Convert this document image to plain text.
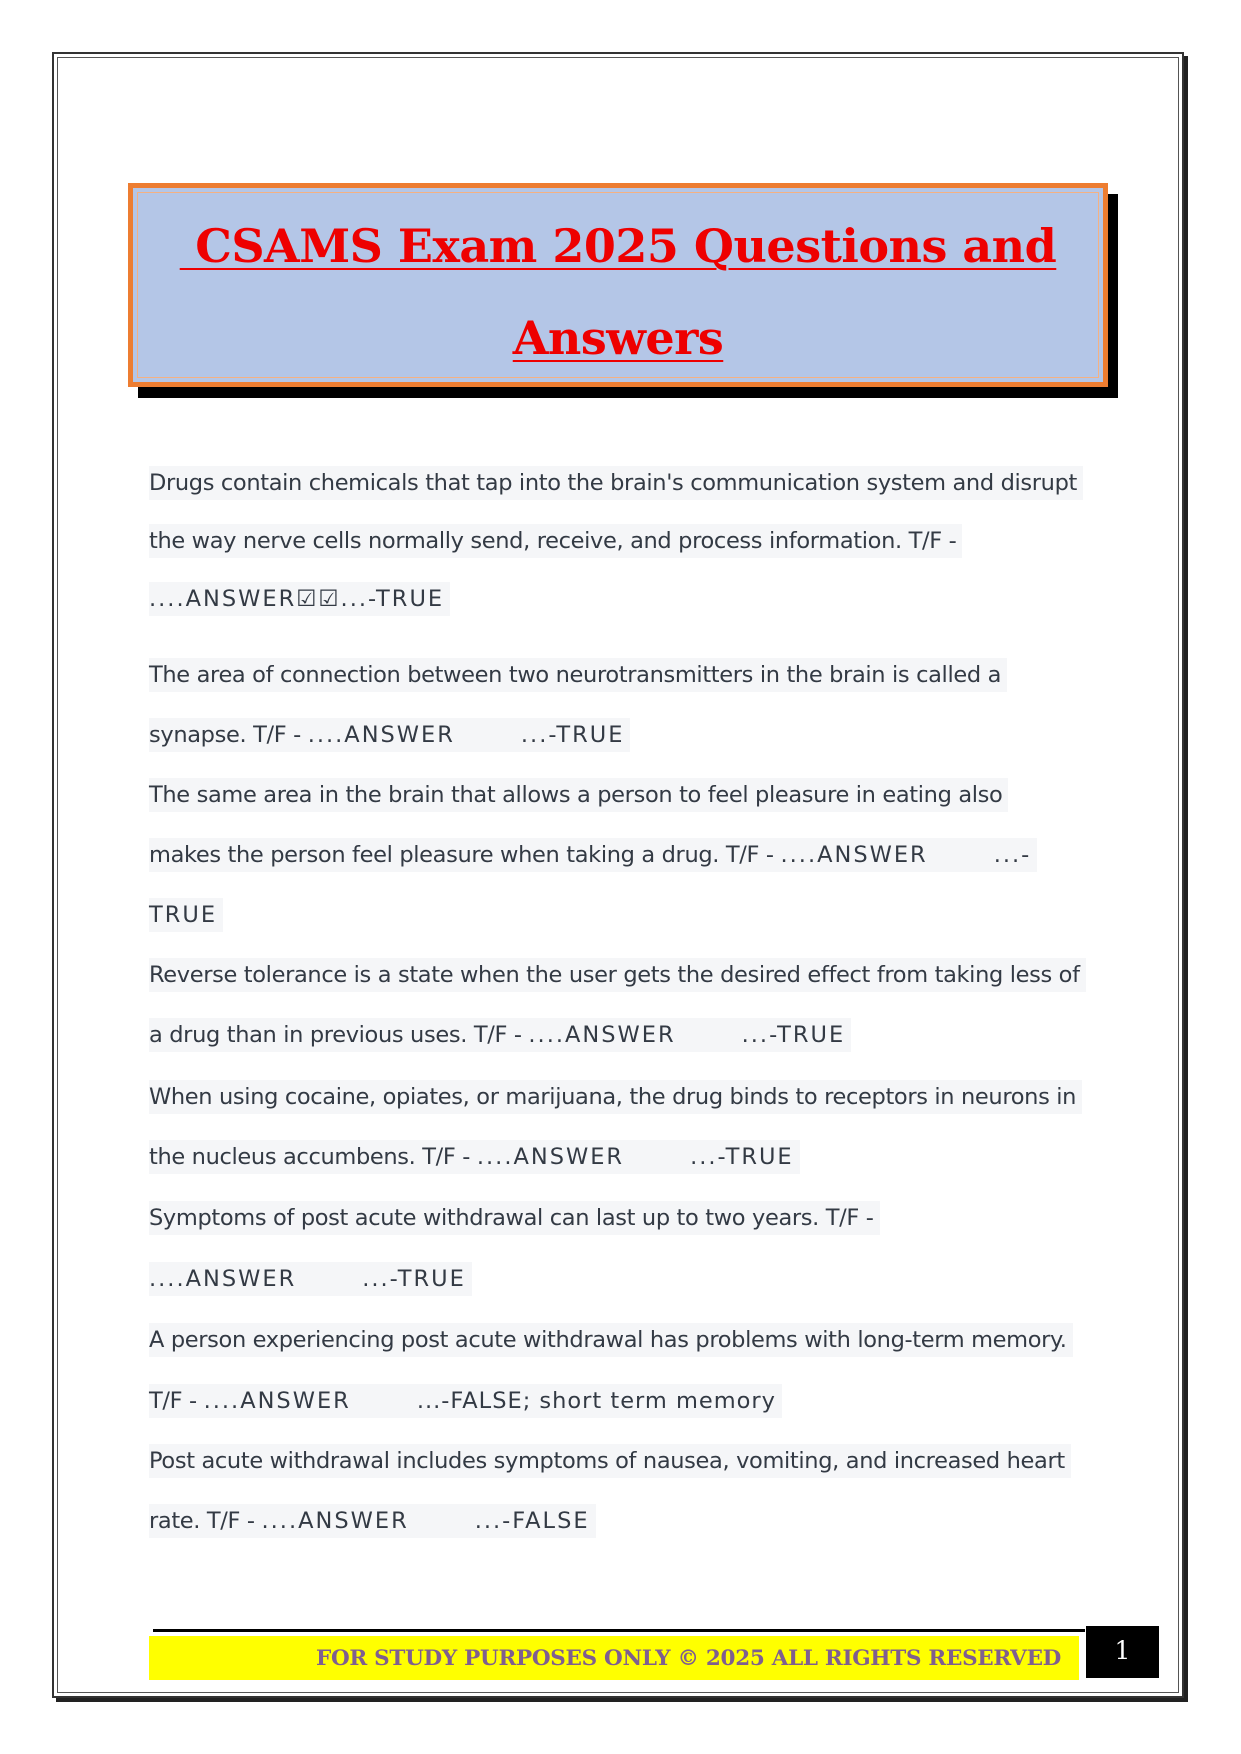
CSAMS Exam 2025 Questions and
Answers
Drugs contain chemicals that tap into the brain's communication system and disrupt
the way nerve cells normally send, receive, and process information. T/F -
....ANSWER☑☑...-TRUE
The area of connection between two neurotransmitters in the brain is called a
synapse. T/F - ....ANSWER	...-TRUE
The same area in the brain that allows a person to feel pleasure in eating also
makes the person feel pleasure when taking a drug. T/F - ....ANSWER	...-
TRUE
Reverse tolerance is a state when the user gets the desired effect from taking less of
a drug than in previous uses. T/F - ....ANSWER	...-TRUE
When using cocaine, opiates, or marijuana, the drug binds to receptors in neurons in
the nucleus accumbens. T/F - ....ANSWER	...-TRUE
Symptoms of post acute withdrawal can last up to two years. T/F -
....ANSWER	...-TRUE
A person experiencing post acute withdrawal has problems with long-term memory.
T/F - ....ANSWER	...-FALSE; short term memory
Post acute withdrawal includes symptoms of nausea, vomiting, and increased heart
rate. T/F - ....ANSWER	...-FALSE
FOR STUDY PURPOSES ONLY © 2025 ALL RIGHTS RESERVED	1
